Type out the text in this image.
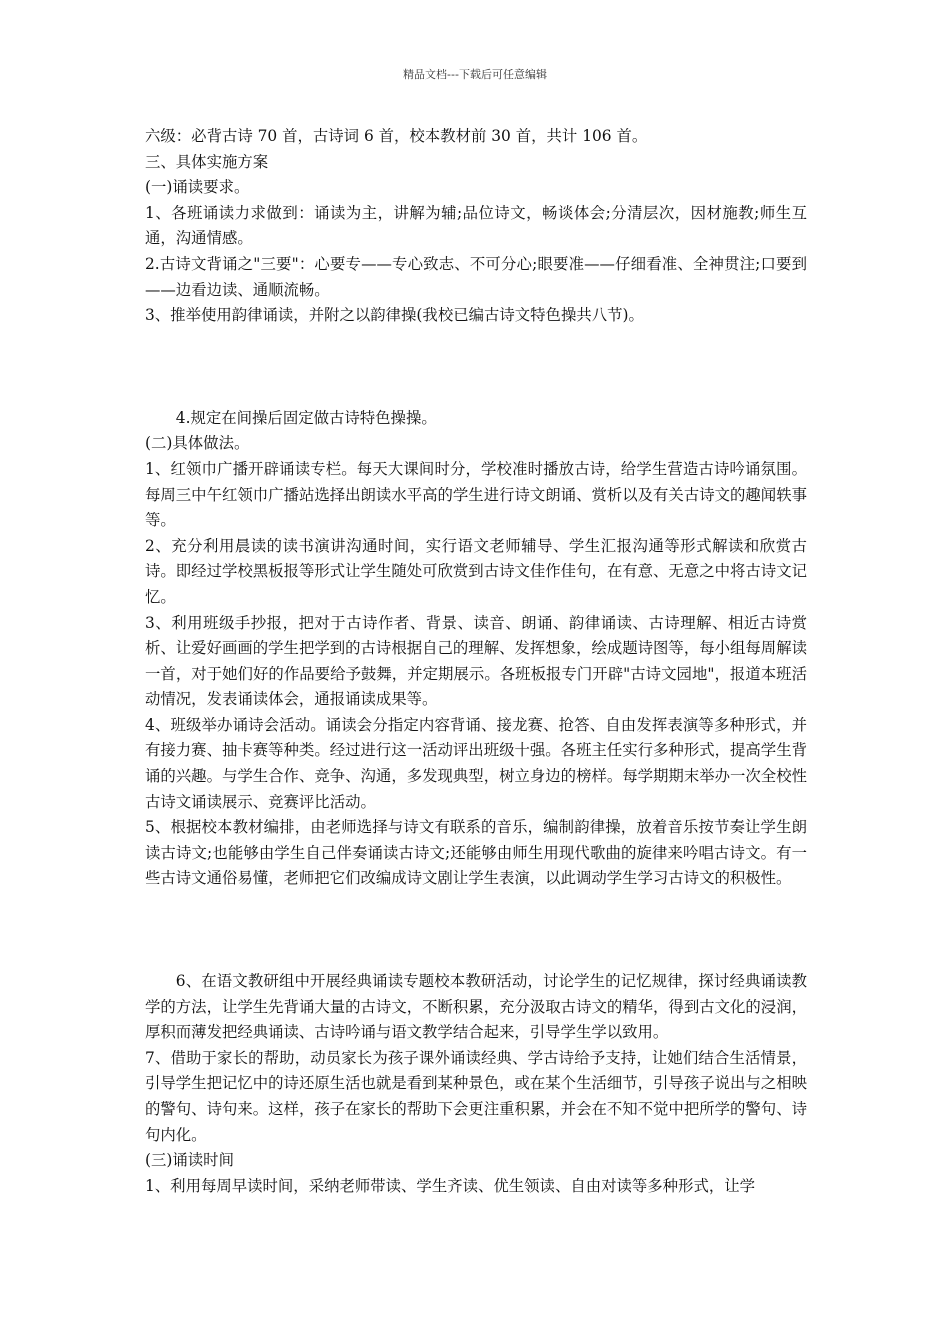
精品文档---下载后可任意编辑

六级：必背古诗 70 首，古诗词 6 首，校本教材前 30 首，共计 106 首。

三、具体实施方案

(一)诵读要求。

1、各班诵读力求做到：诵读为主，讲解为辅;品位诗文，畅谈体会;分清层次，因材施教;师生互通，沟通情感。

2.古诗文背诵之"三要"：心要专——专心致志、不可分心;眼要准——仔细看准、全神贯注;口要到——边看边读、通顺流畅。

3、推举使用韵律诵读，并附之以韵律操(我校已编古诗文特色操共八节)。

4.规定在间操后固定做古诗特色操操。

(二)具体做法。

1、红领巾广播开辟诵读专栏。每天大课间时分，学校准时播放古诗，给学生营造古诗吟诵氛围。每周三中午红领巾广播站选择出朗读水平高的学生进行诗文朗诵、赏析以及有关古诗文的趣闻轶事等。

2、充分利用晨读的读书演讲沟通时间，实行语文老师辅导、学生汇报沟通等形式解读和欣赏古诗。即经过学校黑板报等形式让学生随处可欣赏到古诗文佳作佳句，在有意、无意之中将古诗文记忆。

3、利用班级手抄报，把对于古诗作者、背景、读音、朗诵、韵律诵读、古诗理解、相近古诗赏析、让爱好画画的学生把学到的古诗根据自己的理解、发挥想象，绘成题诗图等，每小组每周解读一首，对于她们好的作品要给予鼓舞，并定期展示。各班板报专门开辟"古诗文园地"，报道本班活动情况，发表诵读体会，通报诵读成果等。

4、班级举办诵诗会活动。诵读会分指定内容背诵、接龙赛、抢答、自由发挥表演等多种形式，并有接力赛、抽卡赛等种类。经过进行这一活动评出班级十强。各班主任实行多种形式，提高学生背诵的兴趣。与学生合作、竞争、沟通，多发现典型，树立身边的榜样。每学期期末举办一次全校性古诗文诵读展示、竞赛评比活动。

5、根据校本教材编排，由老师选择与诗文有联系的音乐，编制韵律操，放着音乐按节奏让学生朗读古诗文;也能够由学生自己伴奏诵读古诗文;还能够由师生用现代歌曲的旋律来吟唱古诗文。有一些古诗文通俗易懂，老师把它们改编成诗文剧让学生表演，以此调动学生学习古诗文的积极性。

6、在语文教研组中开展经典诵读专题校本教研活动，讨论学生的记忆规律，探讨经典诵读教学的方法，让学生先背诵大量的古诗文，不断积累，充分汲取古诗文的精华，得到古文化的浸润，厚积而薄发把经典诵读、古诗吟诵与语文教学结合起来，引导学生学以致用。

7、借助于家长的帮助，动员家长为孩子课外诵读经典、学古诗给予支持，让她们结合生活情景，引导学生把记忆中的诗还原生活也就是看到某种景色，或在某个生活细节，引导孩子说出与之相映的警句、诗句来。这样，孩子在家长的帮助下会更注重积累，并会在不知不觉中把所学的警句、诗句内化。

(三)诵读时间

1、利用每周早读时间，采纳老师带读、学生齐读、优生领读、自由对读等多种形式，让学
